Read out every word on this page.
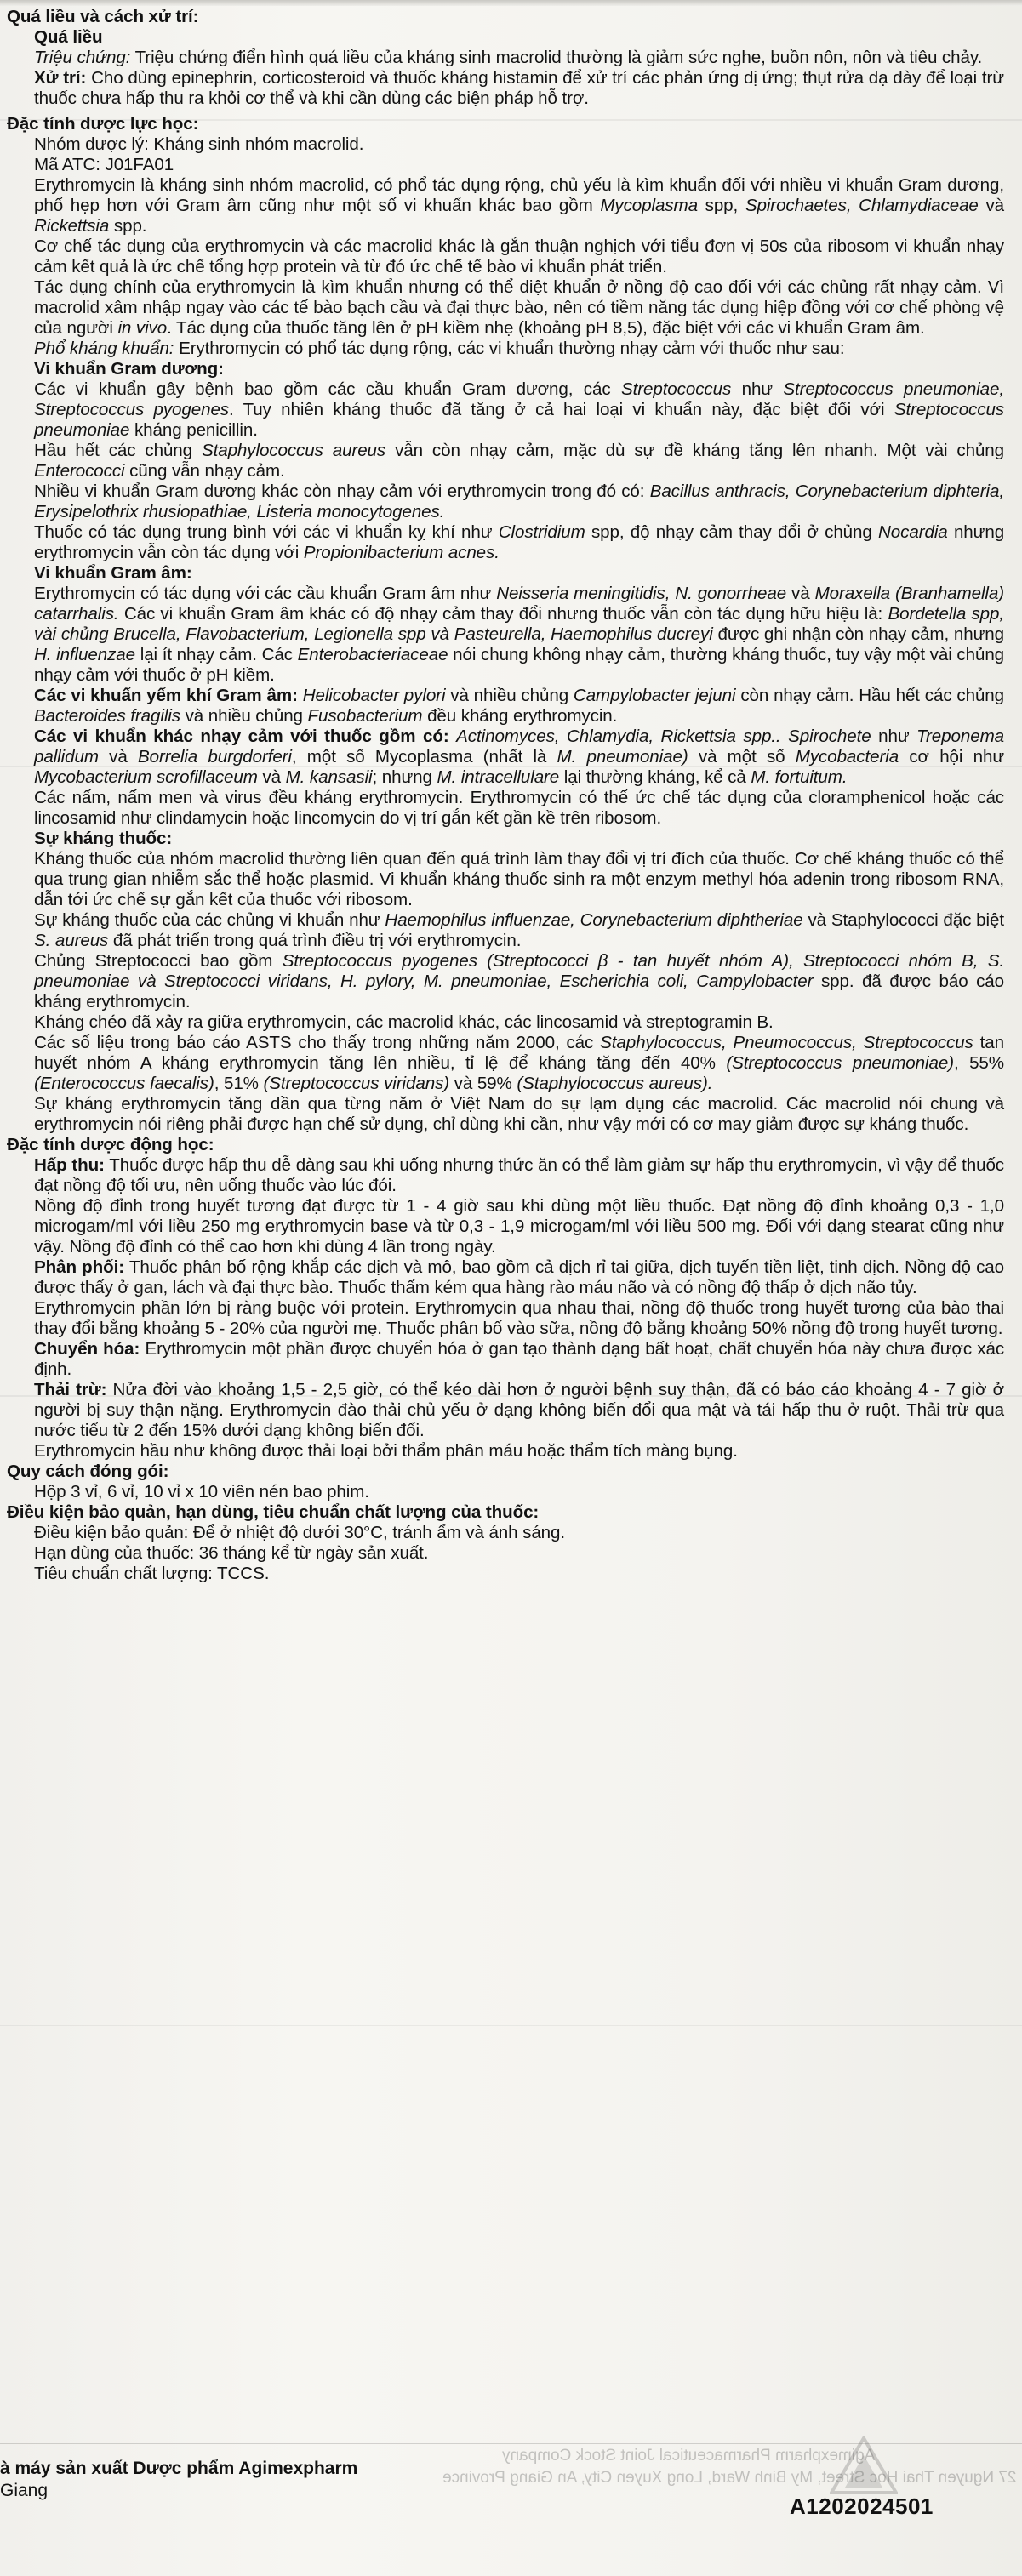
Quá liều và cách xử trí:

Quá liều

Triệu chứng: Triệu chứng điển hình quá liều của kháng sinh macrolid thường là giảm sức nghe, buồn nôn, nôn và tiêu chảy.

Xử trí: Cho dùng epinephrin, corticosteroid và thuốc kháng histamin để xử trí các phản ứng dị ứng; thụt rửa dạ dày để loại trừ thuốc chưa hấp thu ra khỏi cơ thể và khi cần dùng các biện pháp hỗ trợ.

Đặc tính dược lực học:

Nhóm dược lý: Kháng sinh nhóm macrolid.

Mã ATC: J01FA01

Erythromycin là kháng sinh nhóm macrolid, có phổ tác dụng rộng, chủ yếu là kìm khuẩn đối với nhiều vi khuẩn Gram dương, phổ hẹp hơn với Gram âm cũng như một số vi khuẩn khác bao gồm Mycoplasma spp, Spirochaetes, Chlamydiaceae và Rickettsia spp.

Cơ chế tác dụng của erythromycin và các macrolid khác là gắn thuận nghịch với tiểu đơn vị 50s của ribosom vi khuẩn nhạy cảm kết quả là ức chế tổng hợp protein và từ đó ức chế tế bào vi khuẩn phát triển.

Tác dụng chính của erythromycin là kìm khuẩn nhưng có thể diệt khuẩn ở nồng độ cao đối với các chủng rất nhạy cảm. Vì macrolid xâm nhập ngay vào các tế bào bạch cầu và đại thực bào, nên có tiềm năng tác dụng hiệp đồng với cơ chế phòng vệ của người in vivo. Tác dụng của thuốc tăng lên ở pH kiềm nhẹ (khoảng pH 8,5), đặc biệt với các vi khuẩn Gram âm.

Phổ kháng khuẩn: Erythromycin có phổ tác dụng rộng, các vi khuẩn thường nhạy cảm với thuốc như sau:

Vi khuẩn Gram dương:

Các vi khuẩn gây bệnh bao gồm các cầu khuẩn Gram dương, các Streptococcus như Streptococcus pneumoniae, Streptococcus pyogenes. Tuy nhiên kháng thuốc đã tăng ở cả hai loại vi khuẩn này, đặc biệt đối với Streptococcus pneumoniae kháng penicillin.

Hầu hết các chủng Staphylococcus aureus vẫn còn nhạy cảm, mặc dù sự đề kháng tăng lên nhanh. Một vài chủng Enterococci cũng vẫn nhạy cảm.

Nhiều vi khuẩn Gram dương khác còn nhạy cảm với erythromycin trong đó có: Bacillus anthracis, Corynebacterium diphteria, Erysipelothrix rhusiopathiae, Listeria monocytogenes.

Thuốc có tác dụng trung bình với các vi khuẩn kỵ khí như Clostridium spp, độ nhạy cảm thay đổi ở chủng Nocardia nhưng erythromycin vẫn còn tác dụng với Propionibacterium acnes.

Vi khuẩn Gram âm:

Erythromycin có tác dụng với các cầu khuẩn Gram âm như Neisseria meningitidis, N. gonorrheae và Moraxella (Branhamella) catarrhalis. Các vi khuẩn Gram âm khác có độ nhạy cảm thay đổi nhưng thuốc vẫn còn tác dụng hữu hiệu là: Bordetella spp, vài chủng Brucella, Flavobacterium, Legionella spp và Pasteurella, Haemophilus ducreyi được ghi nhận còn nhạy cảm, nhưng H. influenzae lại ít nhạy cảm. Các Enterobacteriaceae nói chung không nhạy cảm, thường kháng thuốc, tuy vậy một vài chủng nhạy cảm với thuốc ở pH kiềm.

Các vi khuẩn yếm khí Gram âm: Helicobacter pylori và nhiều chủng Campylobacter jejuni còn nhạy cảm. Hầu hết các chủng Bacteroides fragilis và nhiều chủng Fusobacterium đều kháng erythromycin.

Các vi khuẩn khác nhạy cảm với thuốc gồm có: Actinomyces, Chlamydia, Rickettsia spp.. Spirochete như Treponema pallidum và Borrelia burgdorferi, một số Mycoplasma (nhất là M. pneumoniae) và một số Mycobacteria cơ hội như Mycobacterium scrofillaceum và M. kansasii; nhưng M. intracellulare lại thường kháng, kể cả M. fortuitum.

Các nấm, nấm men và virus đều kháng erythromycin. Erythromycin có thể ức chế tác dụng của cloramphenicol hoặc các lincosamid như clindamycin hoặc lincomycin do vị trí gắn kết gần kề trên ribosom.

Sự kháng thuốc:

Kháng thuốc của nhóm macrolid thường liên quan đến quá trình làm thay đổi vị trí đích của thuốc. Cơ chế kháng thuốc có thể qua trung gian nhiễm sắc thể hoặc plasmid. Vi khuẩn kháng thuốc sinh ra một enzym methyl hóa adenin trong ribosom RNA, dẫn tới ức chế sự gắn kết của thuốc với ribosom.

Sự kháng thuốc của các chủng vi khuẩn như Haemophilus influenzae, Corynebacterium diphtheriae và Staphylococci đặc biệt S. aureus đã phát triển trong quá trình điều trị với erythromycin.

Chủng Streptococci bao gồm Streptococcus pyogenes (Streptococci β - tan huyết nhóm A), Streptococci nhóm B, S. pneumoniae và Streptococci viridans, H. pylory, M. pneumoniae, Escherichia coli, Campylobacter spp. đã được báo cáo kháng erythromycin.

Kháng chéo đã xảy ra giữa erythromycin, các macrolid khác, các lincosamid và streptogramin B.

Các số liệu trong báo cáo ASTS cho thấy trong những năm 2000, các Staphylococcus, Pneumococcus, Streptococcus tan huyết nhóm A kháng erythromycin tăng lên nhiều, tỉ lệ để kháng tăng đến 40% (Streptococcus pneumoniae), 55% (Enterococcus faecalis), 51% (Streptococcus viridans) và 59% (Staphylococcus aureus).

Sự kháng erythromycin tăng dần qua từng năm ở Việt Nam do sự lạm dụng các macrolid. Các macrolid nói chung và erythromycin nói riêng phải được hạn chế sử dụng, chỉ dùng khi cần, như vậy mới có cơ may giảm được sự kháng thuốc.

Đặc tính dược động học:

Hấp thu: Thuốc được hấp thu dễ dàng sau khi uống nhưng thức ăn có thể làm giảm sự hấp thu erythromycin, vì vậy để thuốc đạt nồng độ tối ưu, nên uống thuốc vào lúc đói.

Nồng độ đỉnh trong huyết tương đạt được từ 1 - 4 giờ sau khi dùng một liều thuốc. Đạt nồng độ đỉnh khoảng 0,3 - 1,0 microgam/ml với liều 250 mg erythromycin base và từ 0,3 - 1,9 microgam/ml với liều 500 mg. Đối với dạng stearat cũng như vậy. Nồng độ đỉnh có thể cao hơn khi dùng 4 lần trong ngày.

Phân phối: Thuốc phân bố rộng khắp các dịch và mô, bao gồm cả dịch rỉ tai giữa, dịch tuyến tiền liệt, tinh dịch. Nồng độ cao được thấy ở gan, lách và đại thực bào. Thuốc thấm kém qua hàng rào máu não và có nồng độ thấp ở dịch não tủy.

Erythromycin phần lớn bị ràng buộc với protein. Erythromycin qua nhau thai, nồng độ thuốc trong huyết tương của bào thai thay đổi bằng khoảng 5 - 20% của người mẹ. Thuốc phân bố vào sữa, nồng độ bằng khoảng 50% nồng độ trong huyết tương.

Chuyển hóa: Erythromycin một phần được chuyển hóa ở gan tạo thành dạng bất hoạt, chất chuyển hóa này chưa được xác định.

Thải trừ: Nửa đời vào khoảng 1,5 - 2,5 giờ, có thể kéo dài hơn ở người bệnh suy thận, đã có báo cáo khoảng 4 - 7 giờ ở người bị suy thận nặng. Erythromycin đào thải chủ yếu ở dạng không biến đổi qua mật và tái hấp thu ở ruột. Thải trừ qua nước tiểu từ 2 đến 15% dưới dạng không biến đổi.

Erythromycin hầu như không được thải loại bởi thẩm phân máu hoặc thẩm tích màng bụng.

Quy cách đóng gói:

Hộp 3 vỉ, 6 vỉ, 10 vỉ x 10 viên nén bao phim.

Điều kiện bảo quản, hạn dùng, tiêu chuẩn chất lượng của thuốc:

Điều kiện bảo quản: Để ở nhiệt độ dưới 30°C, tránh ẩm và ánh sáng.

Hạn dùng của thuốc: 36 tháng kể từ ngày sản xuất.

Tiêu chuẩn chất lượng: TCCS.

Agimexpharm Pharmaceutical Joint Stock Company
27 Nguyen Thai Hoc Street, My Binh Ward, Long Xuyen City, An Giang Province
à máy sản xuất Dược phẩm Agimexpharm
Giang
A1202024501
